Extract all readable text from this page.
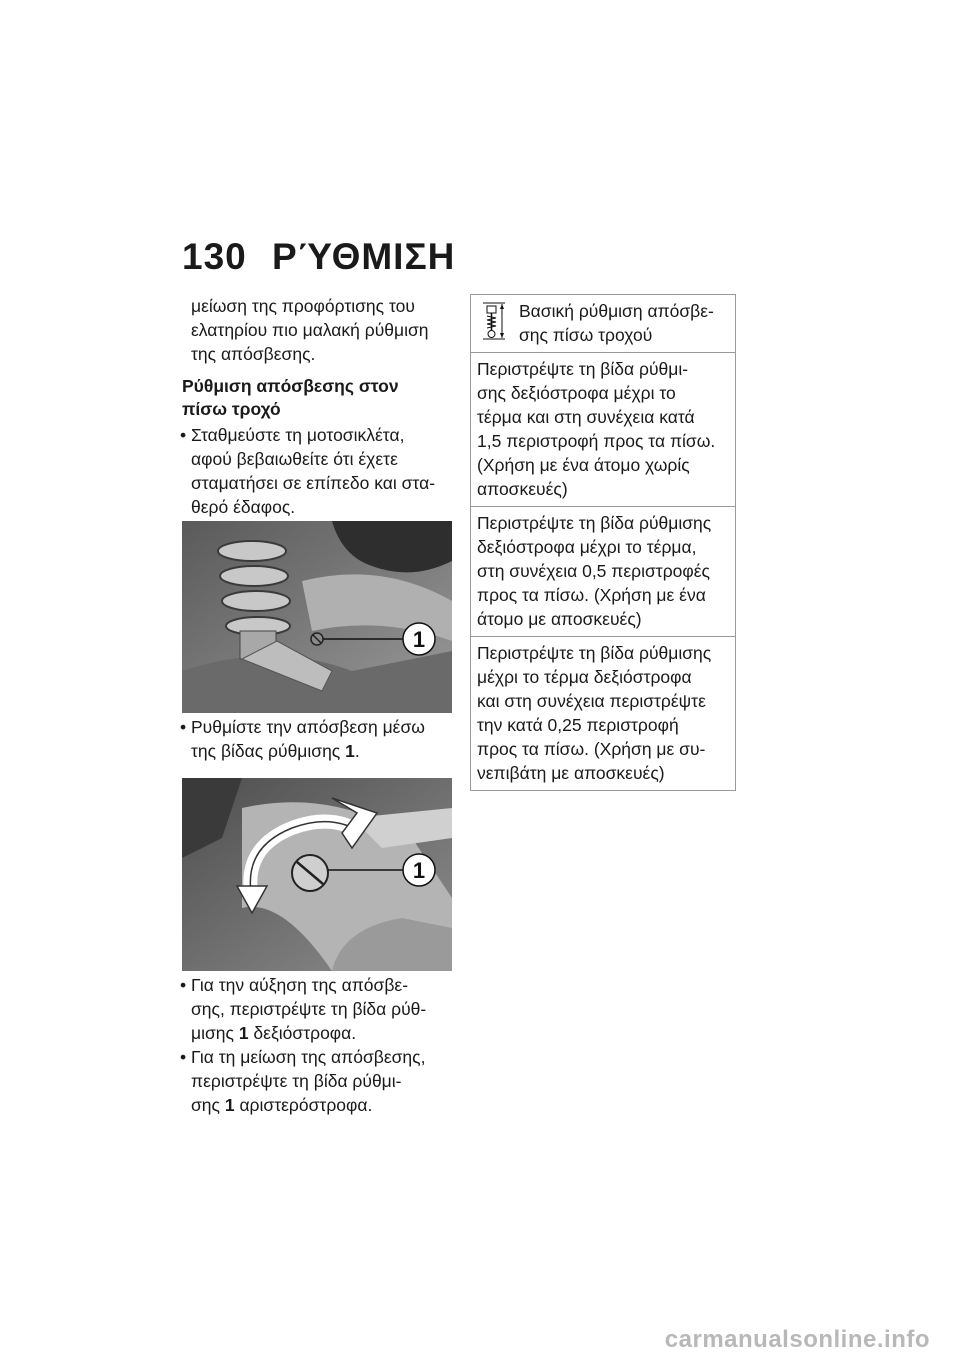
130 ΡΎΘΜΙΣΗ

μείωση της προφόρτισης του
ελατηρίου πιο μαλακή ρύθμιση
της απόσβεσης.

Ρύθμιση απόσβεσης στον
πίσω τροχό

• Σταθμεύστε τη μοτοσικλέτα,
αφού βεβαιωθείτε ότι έχετε
σταματήσει σε επίπεδο και στα-
θερό έδαφος.
1
• Ρυθμίστε την απόσβεση μέσω
της βίδας ρύθμισης 1.
1
• Για την αύξηση της απόσβε-
σης, περιστρέψτε τη βίδα ρύθ-
μισης 1 δεξιόστροφα.
• Για τη μείωση της απόσβεσης,
περιστρέψτε τη βίδα ρύθμι-
σης 1 αριστερόστροφα.
Βασική ρύθμιση απόσβε-
σης πίσω τροχού
Περιστρέψτε τη βίδα ρύθμι-
σης δεξιόστροφα μέχρι το
τέρμα και στη συνέχεια κατά
1,5 περιστροφή προς τα πίσω.
(Χρήση με ένα άτομο χωρίς
αποσκευές)
Περιστρέψτε τη βίδα ρύθμισης
δεξιόστροφα μέχρι το τέρμα,
στη συνέχεια 0,5 περιστροφές
προς τα πίσω. (Χρήση με ένα
άτομο με αποσκευές)
Περιστρέψτε τη βίδα ρύθμισης
μέχρι το τέρμα δεξιόστροφα
και στη συνέχεια περιστρέψτε
την κατά 0,25 περιστροφή
προς τα πίσω. (Χρήση με συ-
νεπιβάτη με αποσκευές)
carmanualsonline.info
